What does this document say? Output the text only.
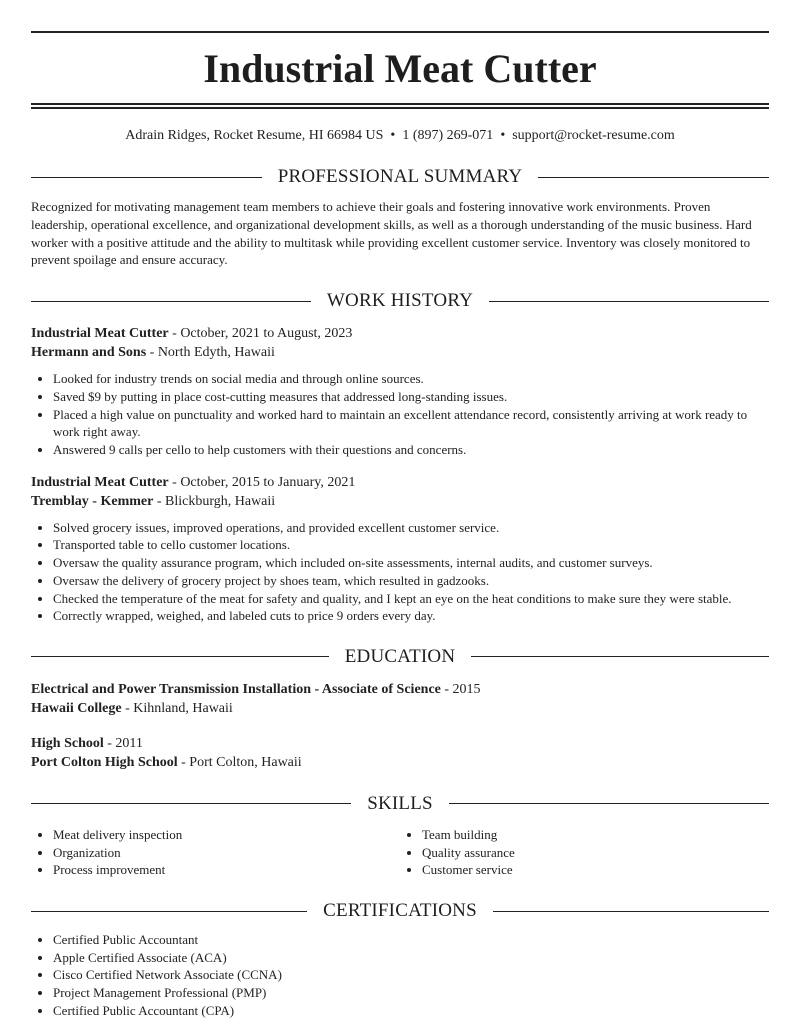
Industrial Meat Cutter
Adrain Ridges, Rocket Resume, HI 66984 US • 1 (897) 269-071 • support@rocket-resume.com
PROFESSIONAL SUMMARY

Recognized for motivating management team members to achieve their goals and fostering innovative work environments. Proven leadership, operational excellence, and organizational development skills, as well as a thorough understanding of the music business. Hard worker with a positive attitude and the ability to multitask while providing excellent customer service. Inventory was closely monitored to prevent spoilage and ensure accuracy.

WORK HISTORY
Industrial Meat Cutter - October, 2021 to August, 2023
Hermann and Sons - North Edyth, Hawaii
• Looked for industry trends on social media and through online sources.
• Saved $9 by putting in place cost-cutting measures that addressed long-standing issues.
• Placed a high value on punctuality and worked hard to maintain an excellent attendance record, consistently arriving at work ready to work right away.
• Answered 9 calls per cello to help customers with their questions and concerns.
Industrial Meat Cutter - October, 2015 to January, 2021
Tremblay - Kemmer - Blickburgh, Hawaii
• Solved grocery issues, improved operations, and provided excellent customer service.
• Transported table to cello customer locations.
• Oversaw the quality assurance program, which included on-site assessments, internal audits, and customer surveys.
• Oversaw the delivery of grocery project by shoes team, which resulted in gadzooks.
• Checked the temperature of the meat for safety and quality, and I kept an eye on the heat conditions to make sure they were stable.
• Correctly wrapped, weighed, and labeled cuts to price 9 orders every day.
EDUCATION
Electrical and Power Transmission Installation - Associate of Science - 2015
Hawaii College - Kihnland, Hawaii
High School - 2011
Port Colton High School - Port Colton, Hawaii
SKILLS
• Meat delivery inspection
• Organization
• Process improvement
• Team building
• Quality assurance
• Customer service
CERTIFICATIONS
• Certified Public Accountant
• Apple Certified Associate (ACA)
• Cisco Certified Network Associate (CCNA)
• Project Management Professional (PMP)
• Certified Public Accountant (CPA)
